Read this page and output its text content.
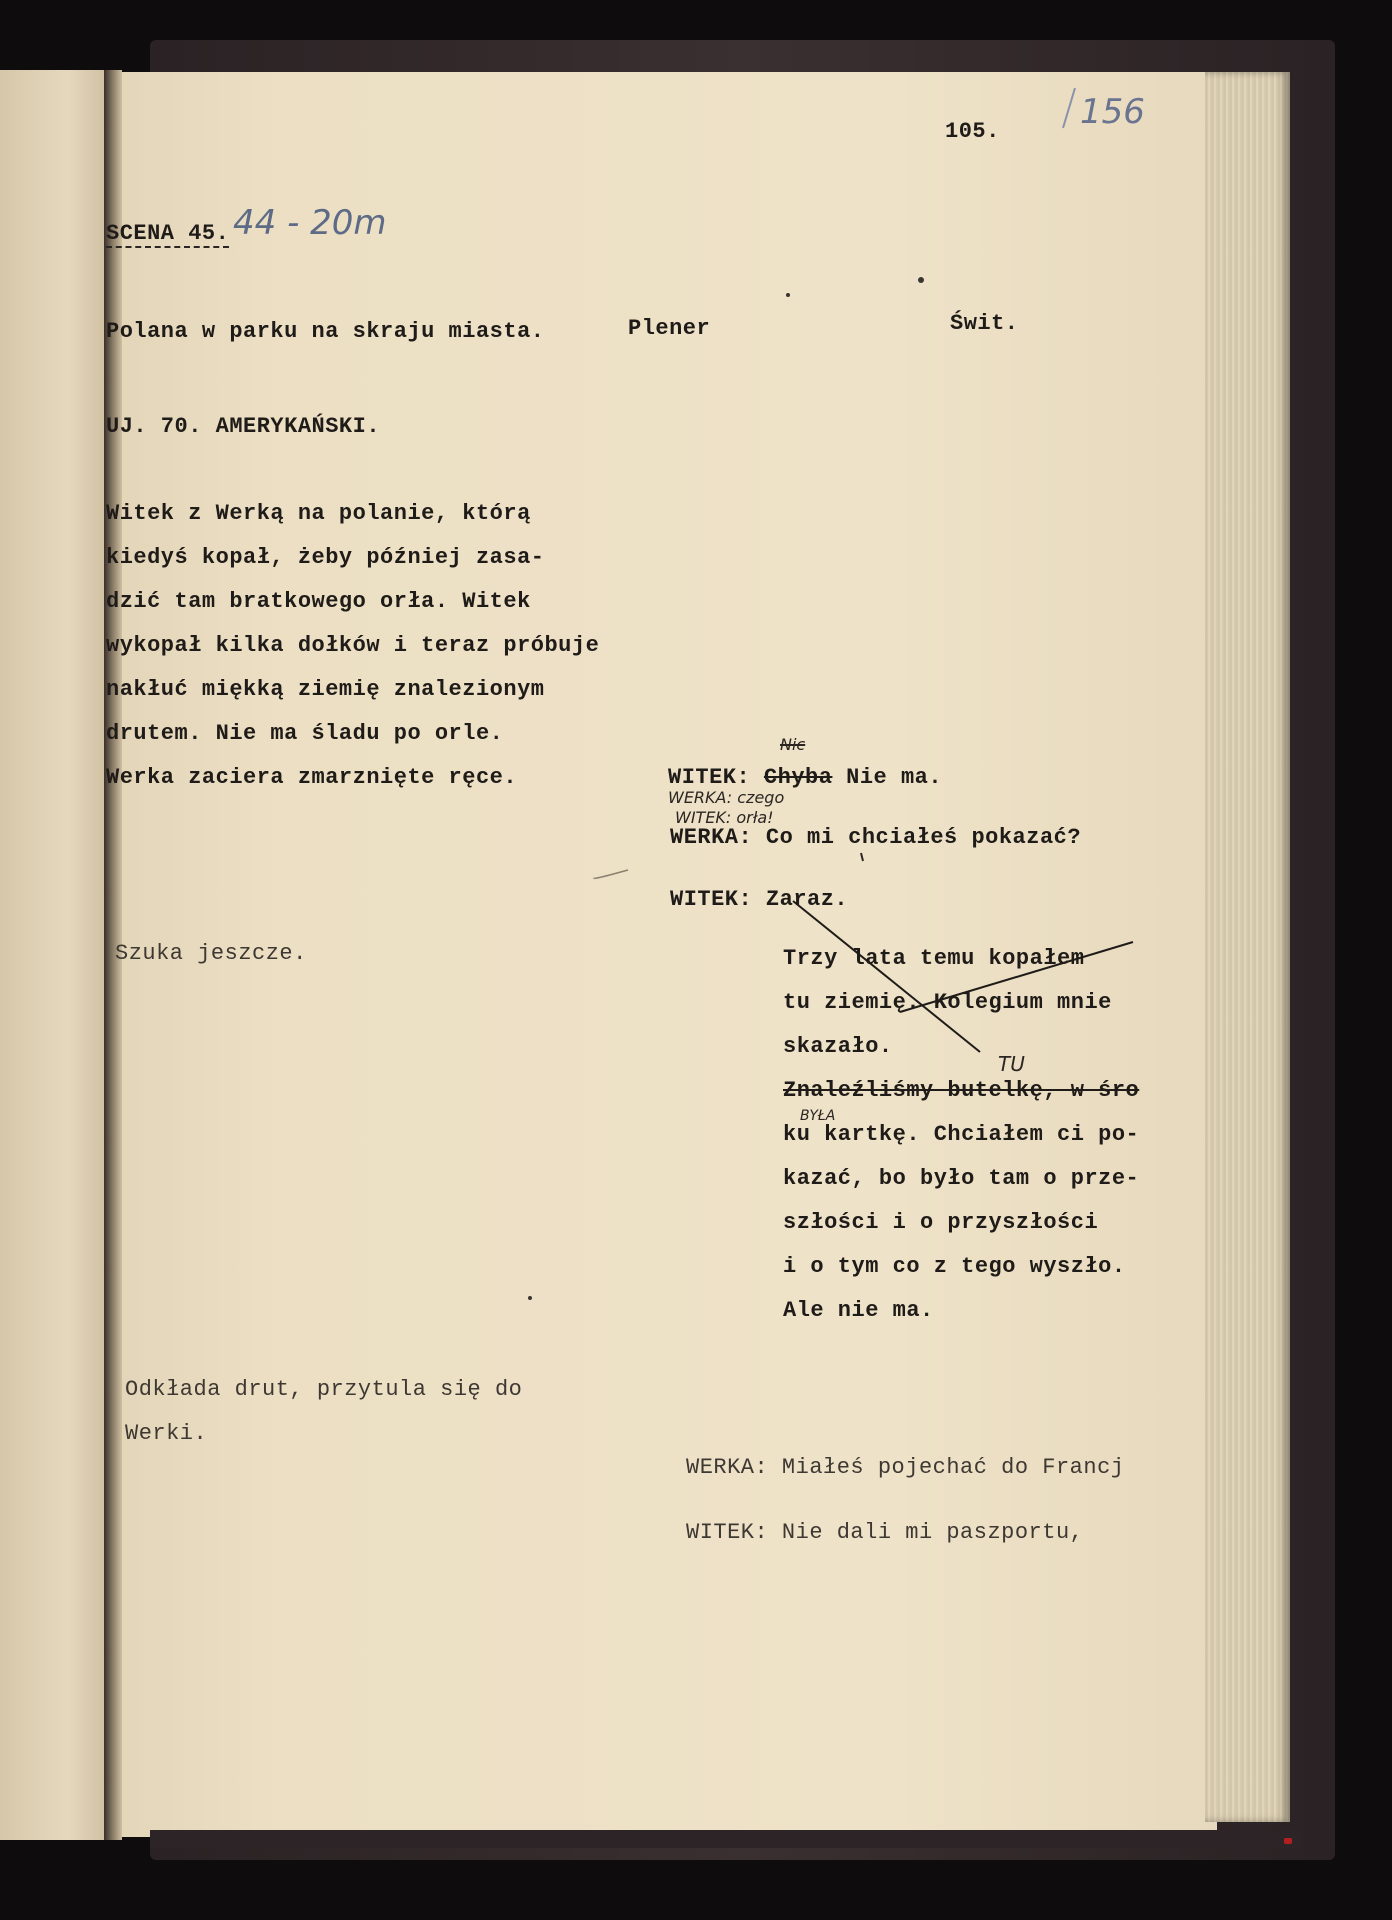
105. 156
SCENA 45. 44 - 20m
Polana w parku na skraju miasta.	Plener	Świt.
UJ. 70. AMERYKAŃSKI.
Witek z Werką na polanie, którą
kiedyś kopał, żeby później zasa-
dzić tam bratkowego orła. Witek
wykopał kilka dołków i teraz próbuje
nakłuć miękką ziemię znalezionym
drutem. Nie ma śladu po orle.
Werka zaciera zmarznięte ręce.	WITEK: Chyba Nie ma.
Nic
WERKA: czego
WITEK: orła!
WERKA: Co mi chciałeś pokazać?
WITEK: Zaraz.
Szuka jeszcze.	Trzy lata temu kopałem
tu ziemię. Kolegium mnie
skazało.
Znaleźliśmy butelkę, w śro
ku kartkę. Chciałem ci po-
kazać, bo było tam o prze-
szłości i o przyszłości
i o tym co z tego wyszło.
Ale nie ma.
TU
BYŁA
Odkłada drut, przytula się do
Werki.
WERKA: Miałeś pojechać do Francj
WITEK: Nie dali mi paszportu,
